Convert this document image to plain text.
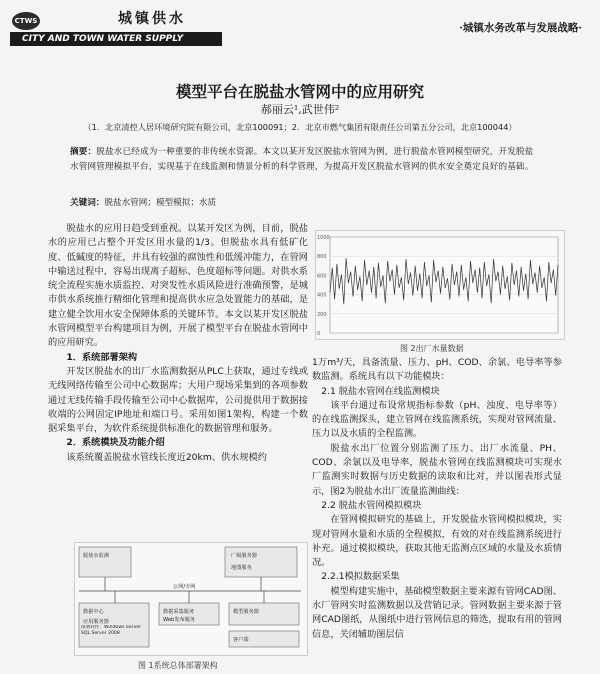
CTWS	城镇供水
CITY AND TOWN WATER SUPPLY
·城镇水务改革与发展战略·
模型平台在脱盐水管网中的应用研究
郝丽云¹,武世伟²
（1．北京清控人居环境研究院有限公司，北京100091；2．北京市燃气集团有限责任公司第五分公司，北京100044）
摘要：脱盐水已经成为一种重要的非传统水资源。本文以某开发区脱盐水管网为例，进行脱盐水管网模型研究，开发脱盐水管网管理模拟平台，实现基于在线监测和情景分析的科学管理，为提高开发区脱盐水管网的供水安全奠定良好的基础。
关键词：脱盐水管网；模型模拟；水质

脱盐水的应用日趋受到重视。以某开发区为例，目前，脱盐水的应用已占整个开发区用水量的1/3。但脱盐水具有低矿化度、低碱度的特征，并具有较强的腐蚀性和低缓冲能力，在管网中输送过程中，容易出现离子超标、色度超标等问题。对供水系统全流程实施水质监控、对突发性水质风险进行准确预警，是城市供水系统推行精细化管理和提高供水应急处置能力的基础，是建立健全饮用水安全保障体系的关键环节。本文以某开发区脱盐水管网模型平台构建项目为例，开展了模型平台在脱盐水管网中的应用研究。

1．系统部署架构

开发区脱盐水的出厂水监测数据从PLC上获取，通过专线或无线网络传输至公司中心数据库；大用户现场采集到的各项参数通过无线传输手段传输至公司中心数据库，公司提供用于数据接收端的公网固定IP地址和端口号。采用如图1架构，构建一个数据采集平台，为软件系统提供标准化的数据管理和服务。

2．系统模块及功能介绍

该系统覆盖脱盐水管线长度近20km、供水规模约

1000
800
600
400
200
0
图 2出厂水量数据
1万m³/天，具备流量、压力、pH、COD、余氯、电导率等参数监测。系统具有以下功能模块：
2.1 脱盐水管网在线监测模块

该平台通过布设常规指标参数（pH、浊度、电导率等）的在线监测探头，建立管网在线监测系统，实现对管网流量、压力以及水质的全程监测。

脱盐水出厂位置分别监测了压力、出厂水流量、PH、COD、余氯以及电导率，脱盐水管网在线监测模块可实现水厂监测实时数据与历史数据的读取和比对，并以图表形式显示，图2为脱盐水出厂流量监测曲线：

2.2 脱盐水管网模拟模块

在管网模拟研究的基础上，开发脱盐水管网模拟模块，实现对管网水量和水质的全程模拟，有效的对在线监测系统进行补充。通过模拟模块，获取其他无监测点区域的水量及水质情况。

2.2.1模拟数据采集

模型构建实施中，基础模型数据主要来源有管网CAD图、水厂管网实时监测数据以及营销记录。管网数据主要来源于管网CAD图纸，从图纸中进行管网信息的筛选，提取有用的管网信息，关闭辅助图层信

脱盐水监测	厂级服务器
地图服务
公网/专网
数据中心
应用服务器
部署软件：Windows Server SQL Server 2008
数据采集服务
Web发布服务
模型服务器
客户端
图 1系统总体部署架构
